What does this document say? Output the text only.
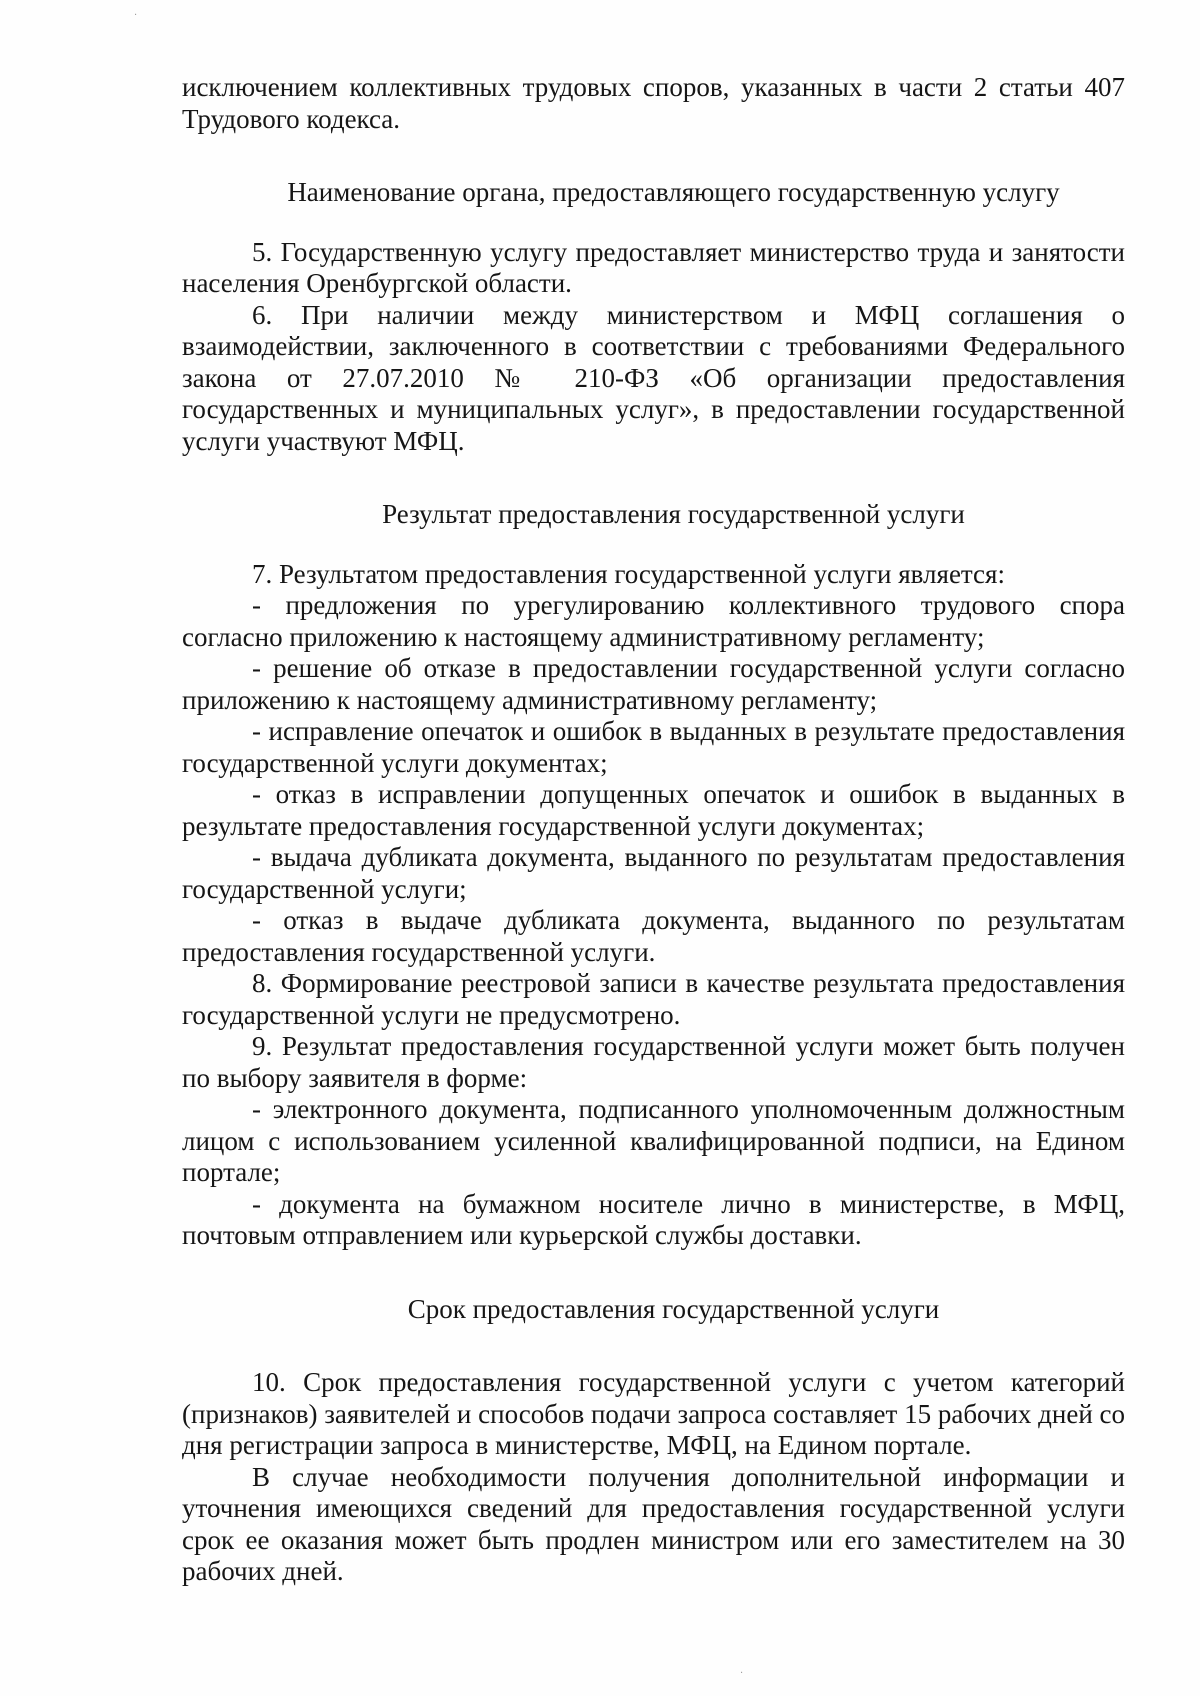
·
·

исключением коллективных трудовых споров, указанных в части 2 статьи 407 Трудового кодекса.

Наименование органа, предоставляющего государственную услугу

5. Государственную услугу предоставляет министерство труда и занятости населения Оренбургской области.

6. При наличии между министерством и МФЦ соглашения о взаимодействии, заключенного в соответствии с требованиями Федерального закона от 27.07.2010 № 210-ФЗ «Об организации предоставления государственных и муниципальных услуг», в предоставлении государственной услуги участвуют МФЦ.

Результат предоставления государственной услуги

7. Результатом предоставления государственной услуги является:

- предложения по урегулированию коллективного трудового спора согласно приложению к настоящему административному регламенту;

- решение об отказе в предоставлении государственной услуги согласно приложению к настоящему административному регламенту;

- исправление опечаток и ошибок в выданных в результате предоставления государственной услуги документах;

- отказ в исправлении допущенных опечаток и ошибок в выданных в результате предоставления государственной услуги документах;

- выдача дубликата документа, выданного по результатам предоставления государственной услуги;

- отказ в выдаче дубликата документа, выданного по результатам предоставления государственной услуги.

8. Формирование реестровой записи в качестве результата предоставления государственной услуги не предусмотрено.

9. Результат предоставления государственной услуги может быть получен по выбору заявителя в форме:

- электронного документа, подписанного уполномоченным должностным лицом с использованием усиленной квалифицированной подписи, на Едином портале;

- документа на бумажном носителе лично в министерстве, в МФЦ, почтовым отправлением или курьерской службы доставки.

Срок предоставления государственной услуги

10. Срок предоставления государственной услуги с учетом категорий (признаков) заявителей и способов подачи запроса составляет 15 рабочих дней со дня регистрации запроса в министерстве, МФЦ, на Едином портале.

В случае необходимости получения дополнительной информации и уточнения имеющихся сведений для предоставления государственной услуги срок ее оказания может быть продлен министром или его заместителем на 30 рабочих дней.
